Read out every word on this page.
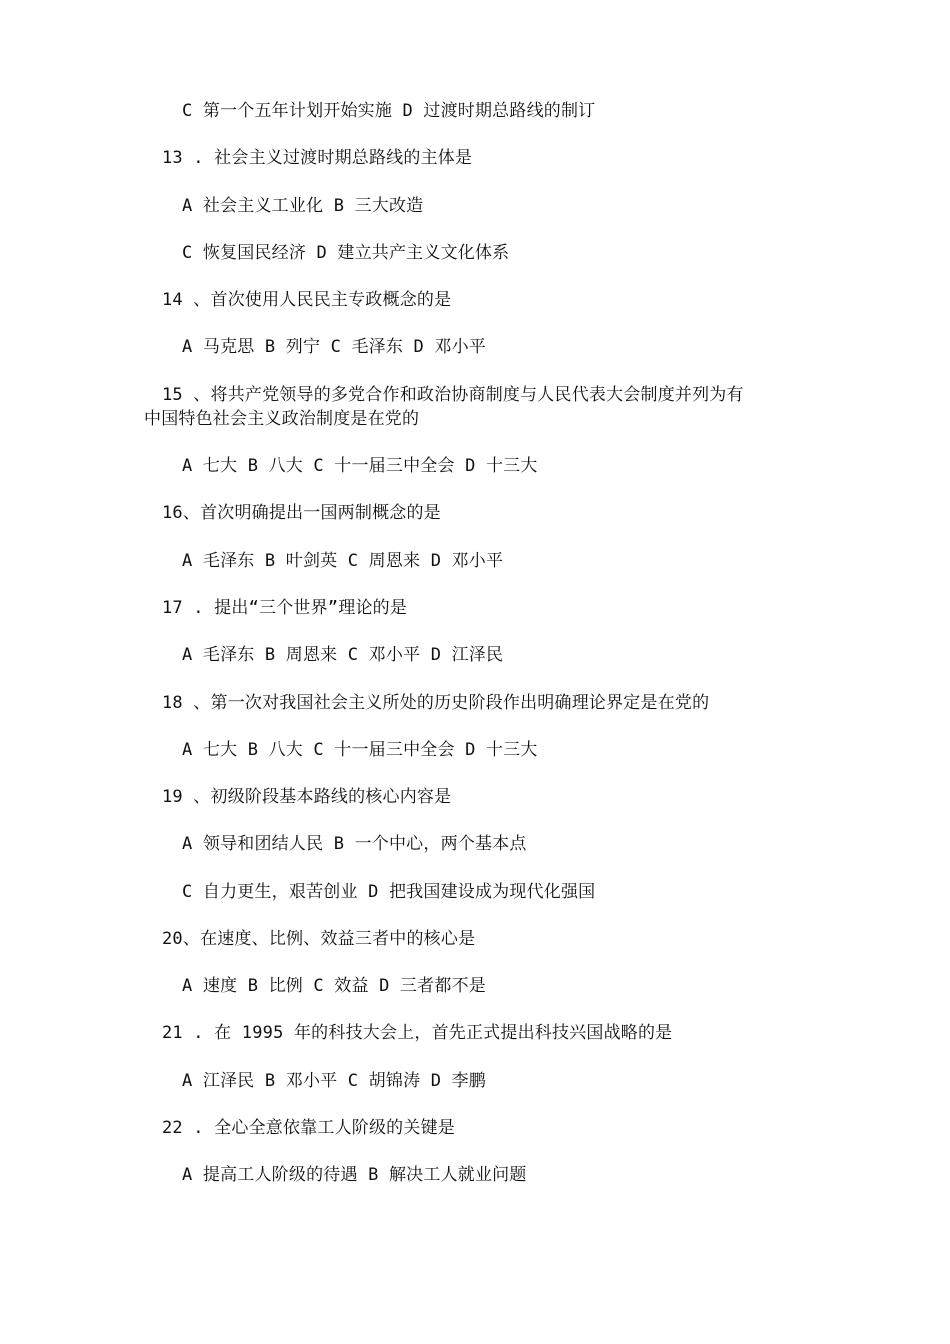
C 第一个五年计划开始实施 D 过渡时期总路线的制订
13 . 社会主义过渡时期总路线的主体是
A 社会主义工业化 B 三大改造
C 恢复国民经济 D 建立共产主义文化体系
14 、首次使用人民民主专政概念的是
A 马克思 B 列宁 C 毛泽东 D 邓小平
15 、将共产党领导的多党合作和政治协商制度与人民代表大会制度并列为有
中国特色社会主义政治制度是在党的
A 七大 B 八大 C 十一届三中全会 D 十三大
16、首次明确提出一国两制概念的是
A 毛泽东 B 叶剑英 C 周恩来 D 邓小平
17 . 提出“三个世界”理论的是
A 毛泽东 B 周恩来 C 邓小平 D 江泽民
18 、第一次对我国社会主义所处的历史阶段作出明确理论界定是在党的
A 七大 B 八大 C 十一届三中全会 D 十三大
19 、初级阶段基本路线的核心内容是
A 领导和团结人民 B 一个中心，两个基本点
C 自力更生，艰苦创业 D 把我国建设成为现代化强国
20、在速度、比例、效益三者中的核心是
A 速度 B 比例 C 效益 D 三者都不是
21 . 在 1995 年的科技大会上，首先正式提出科技兴国战略的是
A 江泽民 B 邓小平 C 胡锦涛 D 李鹏
22 . 全心全意依靠工人阶级的关键是
A 提高工人阶级的待遇 B 解决工人就业问题
